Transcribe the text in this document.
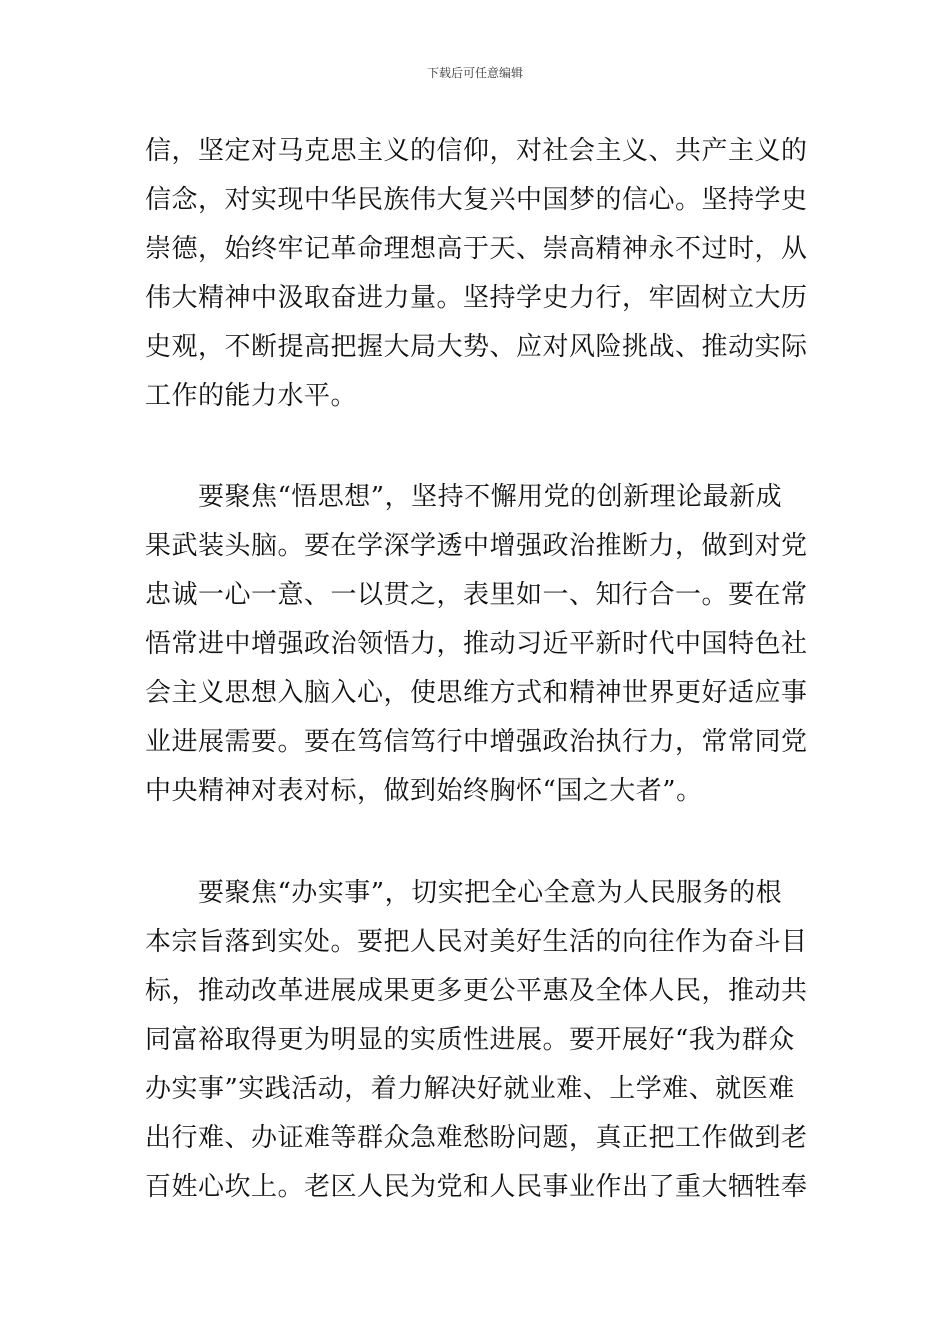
下载后可任意编辑
信，坚定对马克思主义的信仰，对社会主义、共产主义的
信念，对实现中华民族伟大复兴中国梦的信心。坚持学史
崇德，始终牢记革命理想高于天、崇高精神永不过时，从
伟大精神中汲取奋进力量。坚持学史力行，牢固树立大历
史观，不断提高把握大局大势、应对风险挑战、推动实际
工作的能力水平。
　　要聚焦“悟思想”，坚持不懈用党的创新理论最新成
果武装头脑。要在学深学透中增强政治推断力，做到对党
忠诚一心一意、一以贯之，表里如一、知行合一。要在常
悟常进中增强政治领悟力，推动习近平新时代中国特色社
会主义思想入脑入心，使思维方式和精神世界更好适应事
业进展需要。要在笃信笃行中增强政治执行力，常常同党
中央精神对表对标，做到始终胸怀“国之大者”。
　　要聚焦“办实事”，切实把全心全意为人民服务的根
本宗旨落到实处。要把人民对美好生活的向往作为奋斗目
标，推动改革进展成果更多更公平惠及全体人民，推动共
同富裕取得更为明显的实质性进展。要开展好“我为群众
办实事”实践活动，着力解决好就业难、上学难、就医难
出行难、办证难等群众急难愁盼问题，真正把工作做到老
百姓心坎上。老区人民为党和人民事业作出了重大牺牲奉
